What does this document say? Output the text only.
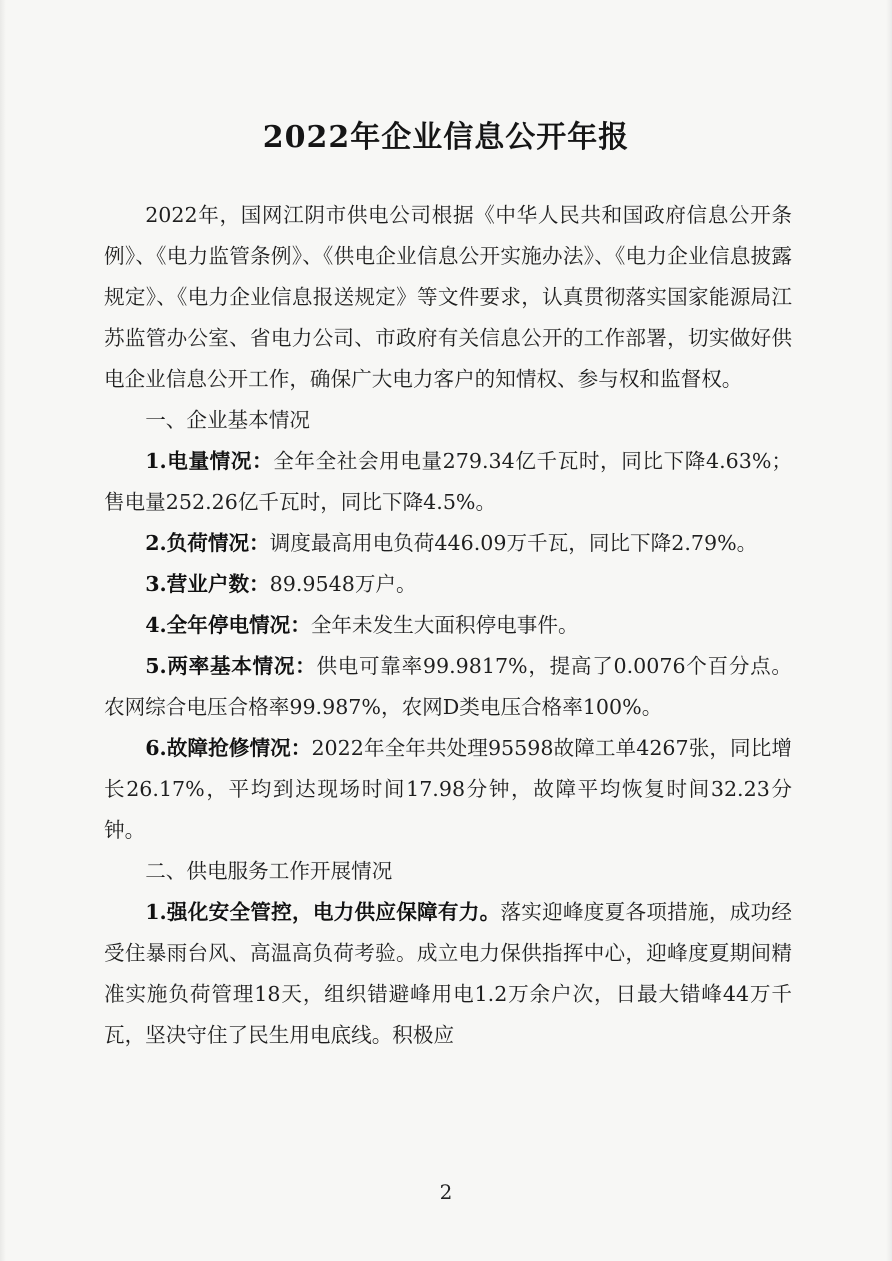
2022年企业信息公开年报

2022年，国网江阴市供电公司根据《中华人民共和国政府信息公开条例》、《电力监管条例》、《供电企业信息公开实施办法》、《电力企业信息披露规定》、《电力企业信息报送规定》等文件要求，认真贯彻落实国家能源局江苏监管办公室、省电力公司、市政府有关信息公开的工作部署，切实做好供电企业信息公开工作，确保广大电力客户的知情权、参与权和监督权。

一、企业基本情况

1.电量情况：全年全社会用电量279.34亿千瓦时，同比下降4.63%；售电量252.26亿千瓦时，同比下降4.5%。

2.负荷情况：调度最高用电负荷446.09万千瓦，同比下降2.79%。

3.营业户数：89.9548万户。

4.全年停电情况：全年未发生大面积停电事件。

5.两率基本情况：供电可靠率99.9817%，提高了0.0076个百分点。农网综合电压合格率99.987%，农网D类电压合格率100%。

6.故障抢修情况：2022年全年共处理95598故障工单4267张，同比增长26.17%，平均到达现场时间17.98分钟，故障平均恢复时间32.23分钟。

二、供电服务工作开展情况

1.强化安全管控，电力供应保障有力。落实迎峰度夏各项措施，成功经受住暴雨台风、高温高负荷考验。成立电力保供指挥中心，迎峰度夏期间精准实施负荷管理18天，组织错避峰用电1.2万余户次，日最大错峰44万千瓦，坚决守住了民生用电底线。积极应

2
